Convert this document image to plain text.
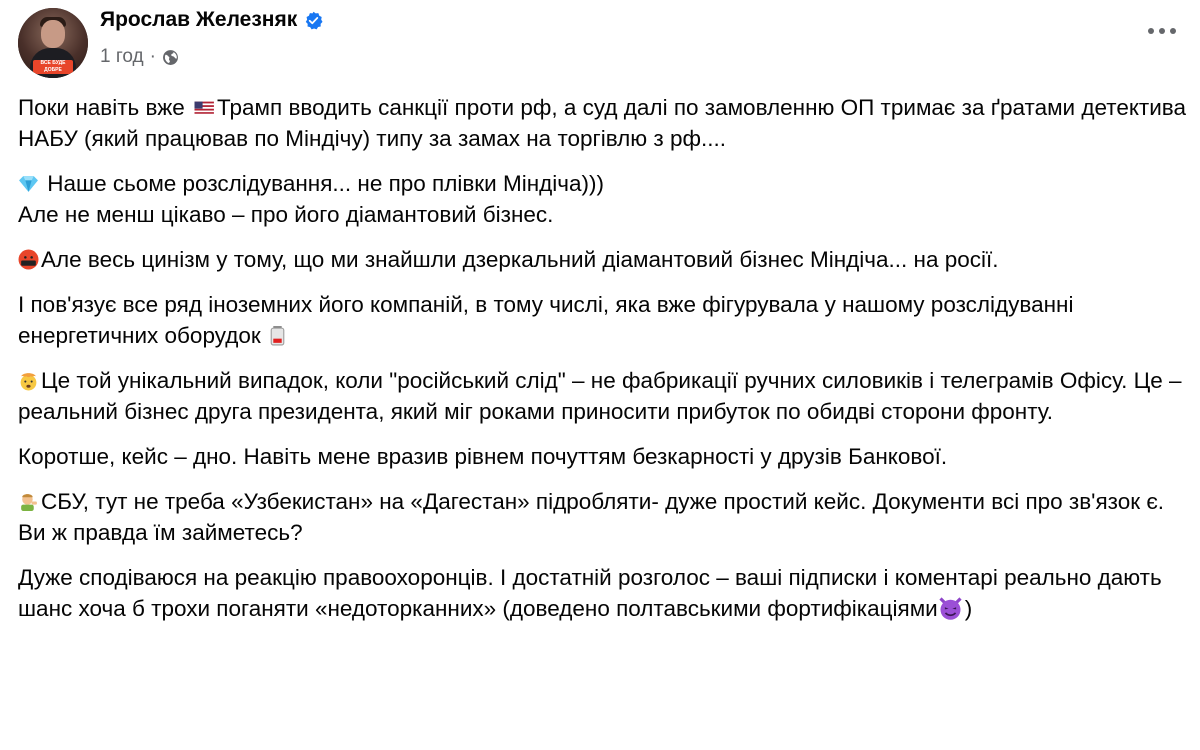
ВСЕ БУДЕ ДОБРЕ
Ярослав Железняк
1 год ·

Поки навіть вже Трамп вводить санкції проти рф, а суд далі по замовленню ОП тримає за ґратами детектива НАБУ (який працював по Міндічу) типу за замах на торгівлю з рф....

Наше сьоме розслідування... не про плівки Міндіча)))
Але не менш цікаво – про його діамантовий бізнес.

Але весь цинізм у тому, що ми знайшли дзеркальний діамантовий бізнес Міндіча... на росії.

І пов'язує все ряд іноземних його компаній, в тому числі, яка вже фігурувала у нашому розслідуванні енергетичних оборудок

Це той унікальний випадок, коли "російський слід" – не фабрикації ручних силовиків і телеграмів Офісу. Це – реальний бізнес друга президента, який міг роками приносити прибуток по обидві сторони фронту.

Коротше, кейс – дно. Навіть мене вразив рівнем почуттям безкарності у друзів Банкової.

СБУ, тут не треба «Узбекистан» на «Дагестан» підробляти- дуже простий кейс. Документи всі про зв'язок є. Ви ж правда їм займетесь?

Дуже сподіваюся на реакцію правоохоронців. І достатній розголос – ваші підписки і коментарі реально дають шанс хоча б трохи поганяти «недоторканних» (доведено полтавськими фортифікаціями )
